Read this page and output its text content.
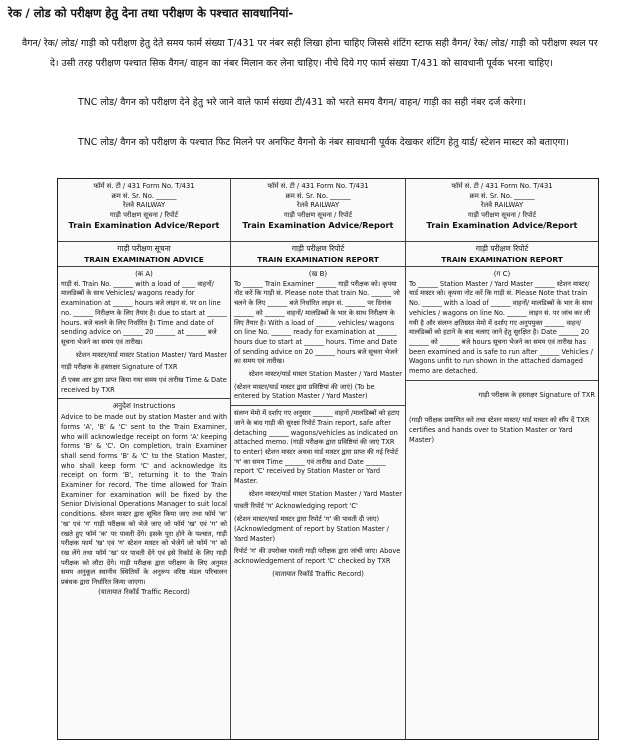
रेक / लोड को परीक्षण हेतु देना तथा परीक्षण के पश्चात सावधानियां-
वैगन/ रेक/ लोड/ गाड़ी को परीक्षण हेतु देते समय फार्म संख्या T/431 पर नंबर सही लिखा होना चाहिए जिससे शंटिंग स्टाफ सही वैगन/ रेक/ लोड/ गाड़ी को परीक्षण स्थल पर दे। उसी तरह परीक्षण पश्चात सिक वैगन/ वाहन का नंबर मिलान कर लेना चाहिए। नीचे दिये गए फार्म संख्या T/431 को सावधानी पूर्वक भरना चाहिए।
TNC लोड/ वैगन को परीक्षण देने हेतु भरे जाने वाले फार्म संख्या टी/431 को भरते समय वैगन/ वाहन/ गाड़ी का सही नंबर दर्ज करेगा।
TNC लोड/ वैगन को परीक्षण के पश्चात फिट मिलने पर अनफिट वैगनो के नंबर सावधानी पूर्वक देखकर शंटिंग हेतु यार्ड/ स्टेशन मास्टर को बताएगा।
फॉर्म सं. टी / 431 Form No. T/431
क्रम सं. Sr. No. ______
रेलवे RAILWAY
गाड़ी परीक्षण सूचना / रिपोर्ट
Train Examination Advice/Report
गाड़ी परीक्षण सूचना
TRAIN EXAMINATION ADVICE
(क A)

गाड़ी सं. Train No. ______ with a load of ____ वाहनों/ मालडिब्बों के साथ Vehicles/ wagons ready for examination at ______ hours बजे लाइन सं. पर on line no. ______ निरीक्षण के लिए तैयार है। due to start at ______ hours. बजे चलने के लिए निर्धारित है। Time and date of sending advice on ______ 20 ______ at ______ बजे सूचना भेजने का समय एवं तारीख।

स्टेशन मास्टर/यार्ड मास्टर Station Master/ Yard Master

गाड़ी परीक्षक के हस्ताक्षर Signature of TXR

टी एक्स आर द्वारा प्राप्त किया गया समय एवं तारीख Time & Date received by TXR

अनुदेश Instructions
Advice to be made out by station Master and with forms 'A', 'B' & 'C' sent to the Train Examiner, who will acknowledge receipt on form 'A' keeping forms 'B' & 'C'. On completion, train Examiner shall send forms 'B' & 'C' to the Station Master, who shall keep form 'C' and acknowledge its receipt on form 'B', returning it to the Train Examiner for record. The time allowed for Train Examiner for examination will be fixed by the Senior Divisional Operations Manager to suit local conditions. स्टेशन मास्टर द्वारा सूचित किया जाए तथा फॉर्म 'क' 'ख' एवं 'ग' गाड़ी परीक्षक को भेजे जाए जो फॉर्म 'ख' एवं 'ग' को रखते हुए फॉर्म 'क' पर पावती देंगे। इसके पूरा होने के पश्चात, गाड़ी परीक्षक फार्म 'ख' एवं 'ग' स्टेशन मास्टर को भेजेगें जो फॉर्म 'ग' को रख लेंगे तथा फॉर्म 'ख' पर पावती देंगे एवं इसे रिकॉर्ड के लिए गाड़ी परीक्षक को लौटा देंगे। गाड़ी परीक्षक द्वारा परीक्षण के लिए अनुमत समय अनुकूल स्थानीय स्थितियों के अनुरूप वरिष्ठ मंडल परिचालन प्रबंधक द्वारा निर्धारित किया जाएगा।
(यातायात रिकॉर्ड Traffic Record)
फॉर्म सं. टी / 431 Form No. T/431
क्रम सं. Sr. No. ______
रेलवे RAILWAY
गाड़ी परीक्षण सूचना / रिपोर्ट
Train Examination Advice/Report
गाड़ी परीक्षण रिपोर्ट
TRAIN EXAMINATION REPORT
(ख B)

To ______ Train Examiner ______ गाड़ी परीक्षक को। कृपया नोट करें कि गाड़ी सं. Please note that train No. ______ जो चलने के लिए ______ बजे निर्धारित लाइन सं. ______ पर दिनांक ______ को ______ वाहनों/ मालडिब्बों के भार के साथ निरीक्षण के लिए तैयार है। With a load of ______ vehicles/ wagons on line No. ______ ready for examination at ______ hours due to start at ______ hours. Time and Date of sending advice on 20 ______ hours बजे सूचना भेजने का समय एवं तारीख।

स्टेशन मास्टर/यार्ड मास्टर Station Master / Yard Master

(स्टेशन मास्टर/यार्ड मास्टर द्वारा प्रविष्टियां की जाएं) (To be entered by Station Master / Yard Master)

संलग्न मेमो में दर्शाए गए अनुसार ______ वाहनों /मालडिब्बों को हटाए जाने के बाद गाड़ी की सुरक्षा रिपोर्ट Train report, safe after detaching ______ wagons/vehicles as indicated on attached memo. (गाड़ी परीक्षक द्वारा प्रविष्टियां की जाएं TXR to enter) स्टेशन मास्टर अथवा यार्ड मास्टर द्वारा प्राप्त की गई रिपोर्ट 'ग' का समय Time ______ एवं तारीख and Date ______ report 'C' received by Station Master or Yard Master.

स्टेशन मास्टर/यार्ड मास्टर Station Master / Yard Master

पावती रिपोर्ट 'ग' Acknowledging report 'C'

(स्टेशन मास्टर/यार्ड मास्टर द्वारा रिपोर्ट 'ग' की पावती दी जाए) (Acknowledgment of report by Station Master / Yard Master)

रिपोर्ट 'ग' की उपरोक्त पावती गाड़ी परीक्षक द्वारा जांची जाए। Above acknowledgement of report 'C' checked by TXR

(यातायात रिकॉर्ड Traffic Record)
फॉर्म सं. टी / 431 Form No. T/431
क्रम सं. Sr. No. ______
रेलवे RAILWAY
गाड़ी परीक्षण सूचना / रिपोर्ट
Train Examination Advice/Report
गाड़ी परीक्षण रिपोर्ट
TRAIN EXAMINATION REPORT
(ग C)

To ______ Station Master / Yard Master ______ स्टेशन मास्टर/यार्ड मास्टर को। कृपया नोट करें कि गाड़ी सं. Please Note that train No. ______ with a load of ______ वाहनों/ मालडिब्बों के भार के साथ vehicles / wagons on line No. ______ लाइन सं. पर जांच कर ली गयी है और संलग्न क्षतिग्रस्त मेमो में दर्शाए गए अनुपयुक्त ______ वाहन/मालडिब्बों को हटाने के बाद चलाए जाने हेतु सुरक्षित है। Date ______ 20 ______ को ______ बजे hours सूचना भेजने का समय एवं तारीख has been examined and is safe to run after ______ Vehicles / Wagons unfit to run shown in the attached damaged memo are detached.

गाड़ी परीक्षक के हस्ताक्षर Signature of TXR

(गाड़ी परीक्षक प्रमाणित करे तथा स्टेशन मास्टर/ यार्ड मास्टर को सौंप दें TXR certifies and hands over to Station Master or Yard Master)
